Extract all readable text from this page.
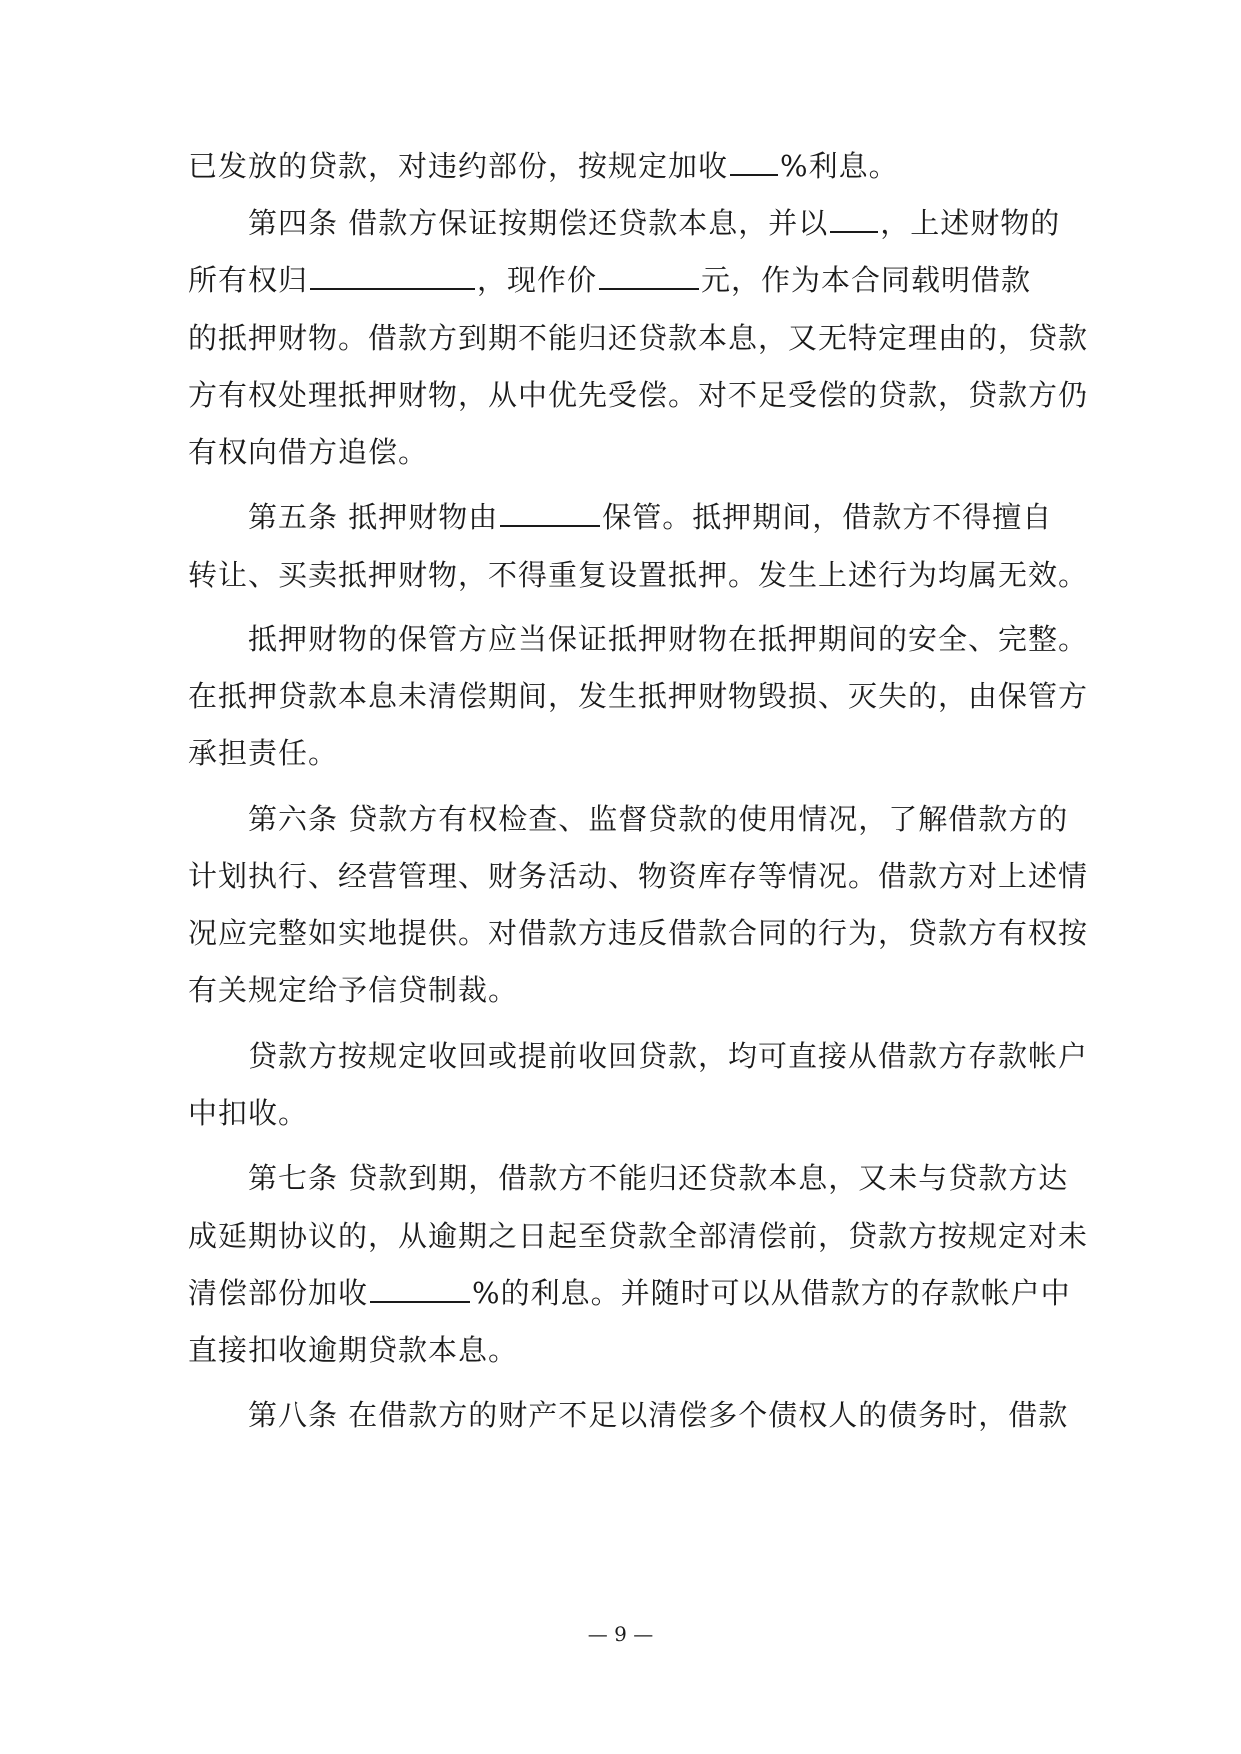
已发放的贷款，对违约部份，按规定加收 %利息。
第四条 借款方保证按期偿还贷款本息，并以 ，上述财物的
所有权归	，现作价	元，作为本合同载明借款
的抵押财物。借款方到期不能归还贷款本息，又无特定理由的，贷款
方有权处理抵押财物，从中优先受偿。对不足受偿的贷款，贷款方仍
有权向借方追偿。
第五条 抵押财物由	保管。抵押期间，借款方不得擅自
转让、买卖抵押财物，不得重复设置抵押。发生上述行为均属无效。
抵押财物的保管方应当保证抵押财物在抵押期间的安全、完整。
在抵押贷款本息未清偿期间，发生抵押财物毁损、灭失的，由保管方
承担责任。
第六条 贷款方有权检查、监督贷款的使用情况，了解借款方的
计划执行、经营管理、财务活动、物资库存等情况。借款方对上述情
况应完整如实地提供。对借款方违反借款合同的行为，贷款方有权按
有关规定给予信贷制裁。
贷款方按规定收回或提前收回贷款，均可直接从借款方存款帐户
中扣收。
第七条 贷款到期，借款方不能归还贷款本息，又未与贷款方达
成延期协议的，从逾期之日起至贷款全部清偿前，贷款方按规定对未
清偿部份加收	%的利息。并随时可以从借款方的存款帐户中
直接扣收逾期贷款本息。
第八条 在借款方的财产不足以清偿多个债权人的债务时，借款
— 9 —
